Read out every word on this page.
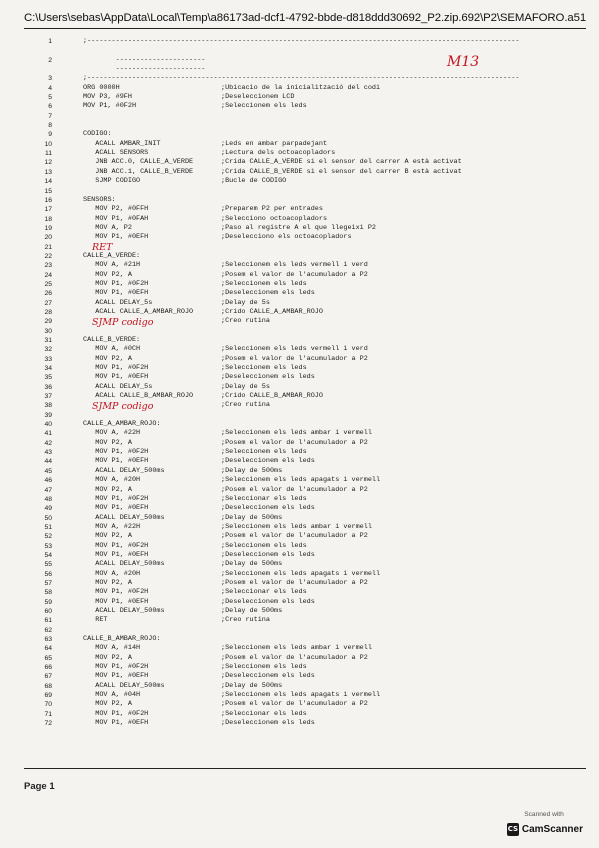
C:\Users\sebas\AppData\Local\Temp\a86173ad-dcf1-4792-bbde-d818ddd30692_P2.zip.692\P2\SEMAFORO.a51
M13
1	;----------------------------------------------------------------------------------------------------------
2	----------------------
----------------------
3	;----------------------------------------------------------------------------------------------------------
4	ORG 0000H	;Ubicacio de la inicialització del codi
5	MOV P3, #9FH	;Deseleccionem LCD
6	MOV P1, #0F2H	;Seleccionem els leds
7
8
9	CODIGO:
10	ACALL AMBAR_INIT	;Leds en ambar parpadejant
11	ACALL SENSORS	;Lectura dels octoacopladors
12	JNB ACC.0, CALLE_A_VERDE	;Crida CALLE_A_VERDE si el sensor del carrer A està activat
13	JNB ACC.1, CALLE_B_VERDE	;Crida CALLE_B_VERDE si el sensor del carrer B està activat
14	SJMP CODIGO	;Bucle de CODIGO
15
16	SENSORS:
17	MOV P2, #0FFH	;Preparem P2 per entrades
18	MOV P1, #0FAH	;Selecciono octoacopladors
19	MOV A, P2	;Paso al registre A el que llegeixi P2
20	MOV P1, #0EFH	;Deselecciono els octoacopladors
21
22	CALLE_A_VERDE:
23	MOV A, #21H	;Seleccionem els leds vermell i verd
24	MOV P2, A	;Posem el valor de l'acumulador a P2
25	MOV P1, #0F2H	;Seleccionem els leds
26	MOV P1, #0EFH	;Deseleccionem els leds
27	ACALL DELAY_5s	;Delay de 5s
28	ACALL CALLE_A_AMBAR_ROJO	;Crido CALLE_A_AMBAR_ROJO
29	;Creo rutina
30
31	CALLE_B_VERDE:
32	MOV A, #0CH	;Seleccionem els leds vermell i verd
33	MOV P2, A	;Posem el valor de l'acumulador a P2
34	MOV P1, #0F2H	;Seleccionem els leds
35	MOV P1, #0EFH	;Deseleccionem els leds
36	ACALL DELAY_5s	;Delay de 5s
37	ACALL CALLE_B_AMBAR_ROJO	;Crido CALLE_B_AMBAR_ROJO
38	;Creo rutina
39
40	CALLE_A_AMBAR_ROJO:
41	MOV A, #22H	;Seleccionem els leds ambar i vermell
42	MOV P2, A	;Posem el valor de l'acumulador a P2
43	MOV P1, #0F2H	;Seleccionem els leds
44	MOV P1, #0EFH	;Deseleccionem els leds
45	ACALL DELAY_500ms	;Delay de 500ms
46	MOV A, #20H	;Seleccionem els leds apagats i vermell
47	MOV P2, A	;Posem el valor de l'acumulador a P2
48	MOV P1, #0F2H	;Seleccionar els leds
49	MOV P1, #0EFH	;Deseleccionem els leds
50	ACALL DELAY_500ms	;Delay de 500ms
51	MOV A, #22H	;Seleccionem els leds ambar i vermell
52	MOV P2, A	;Posem el valor de l'acumulador a P2
53	MOV P1, #0F2H	;Seleccionem els leds
54	MOV P1, #0EFH	;Deseleccionem els leds
55	ACALL DELAY_500ms	;Delay de 500ms
56	MOV A, #20H	;Seleccionem els leds apagats i vermell
57	MOV P2, A	;Posem el valor de l'acumulador a P2
58	MOV P1, #0F2H	;Seleccionar els leds
59	MOV P1, #0EFH	;Deseleccionem els leds
60	ACALL DELAY_500ms	;Delay de 500ms
61	RET	;Creo rutina
62
63	CALLE_B_AMBAR_ROJO:
64	MOV A, #14H	;Seleccionem els leds ambar i vermell
65	MOV P2, A	;Posem el valor de l'acumulador a P2
66	MOV P1, #0F2H	;Seleccionem els leds
67	MOV P1, #0EFH	;Deseleccionem els leds
68	ACALL DELAY_500ms	;Delay de 500ms
69	MOV A, #04H	;Seleccionem els leds apagats i vermell
70	MOV P2, A	;Posem el valor de l'acumulador a P2
71	MOV P1, #0F2H	;Seleccionar els leds
72	MOV P1, #0EFH	;Deseleccionem els leds
RET
SJMP codigo
SJMP codigo
Page 1
Scanned with
CS CamScanner
